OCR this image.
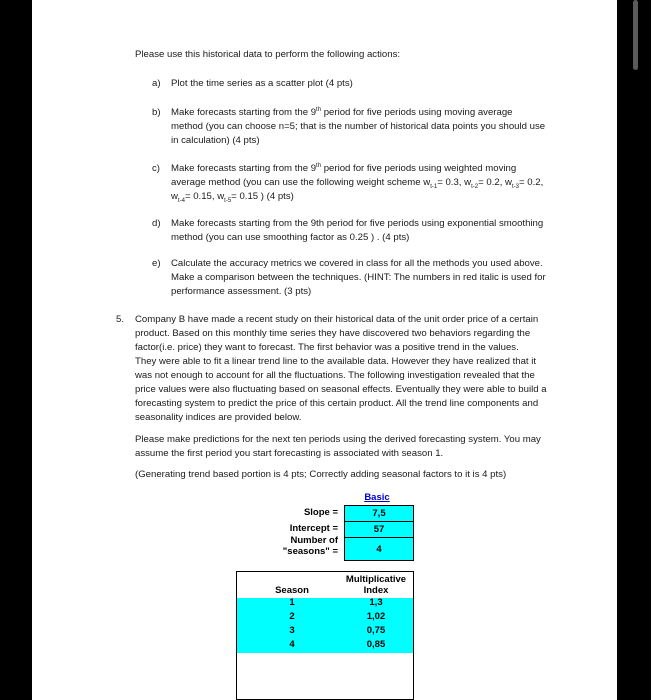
Please use this historical data to perform the following actions:

a) Plot the time series as a scatter plot (4 pts)

b) Make forecasts starting from the 9th period for five periods using moving average

method (you can choose n=5; that is the number of historical data points you should use

in calculation) (4 pts)

c) Make forecasts starting from the 9th period for five periods using weighted moving

average method (you can use the following weight scheme $w_{t-1}= 0.3$, $w_{t-2}= 0.2$, $w_{t-3}= 0.2$,

$w_{t-4}= 0.15$, $w_{t-5}= 0.15$ ) (4 pts)

d) Make forecasts starting from the 9th period for five periods using exponential smoothing

method (you can use smoothing factor as 0.25 ) . (4 pts)

e) Calculate the accuracy metrics we covered in class for all the methods you used above.

Make a comparison between the techniques. (HINT: The numbers in red italic is used for

performance assessment. (3 pts)

5. Company B have made a recent study on their historical data of the unit order price of a certain

product. Based on this monthly time series they have discovered two behaviors regarding the

factor(i.e. price) they want to forecast. The first behavior was a positive trend in the values.

They were able to fit a linear trend line to the available data. However they have realized that it

was not enough to account for all the fluctuations. The following investigation revealed that the

price values were also fluctuating based on seasonal effects. Eventually they were able to build a

forecasting system to predict the price of this certain product. All the trend line components and

seasonality indices are provided below.

Please make predictions for the next ten periods using the derived forecasting system. You may

assume the first period you start forecasting is associated with season 1.

(Generating trend based portion is 4 pts; Correctly adding seasonal factors to it is 4 pts)

Basic
Slope =	7,5
Intercept =	57
Number of
"seasons" =	4
Season
Multiplicative
Index
1	1,3
2	1,02
3	0,75
4	0,85
